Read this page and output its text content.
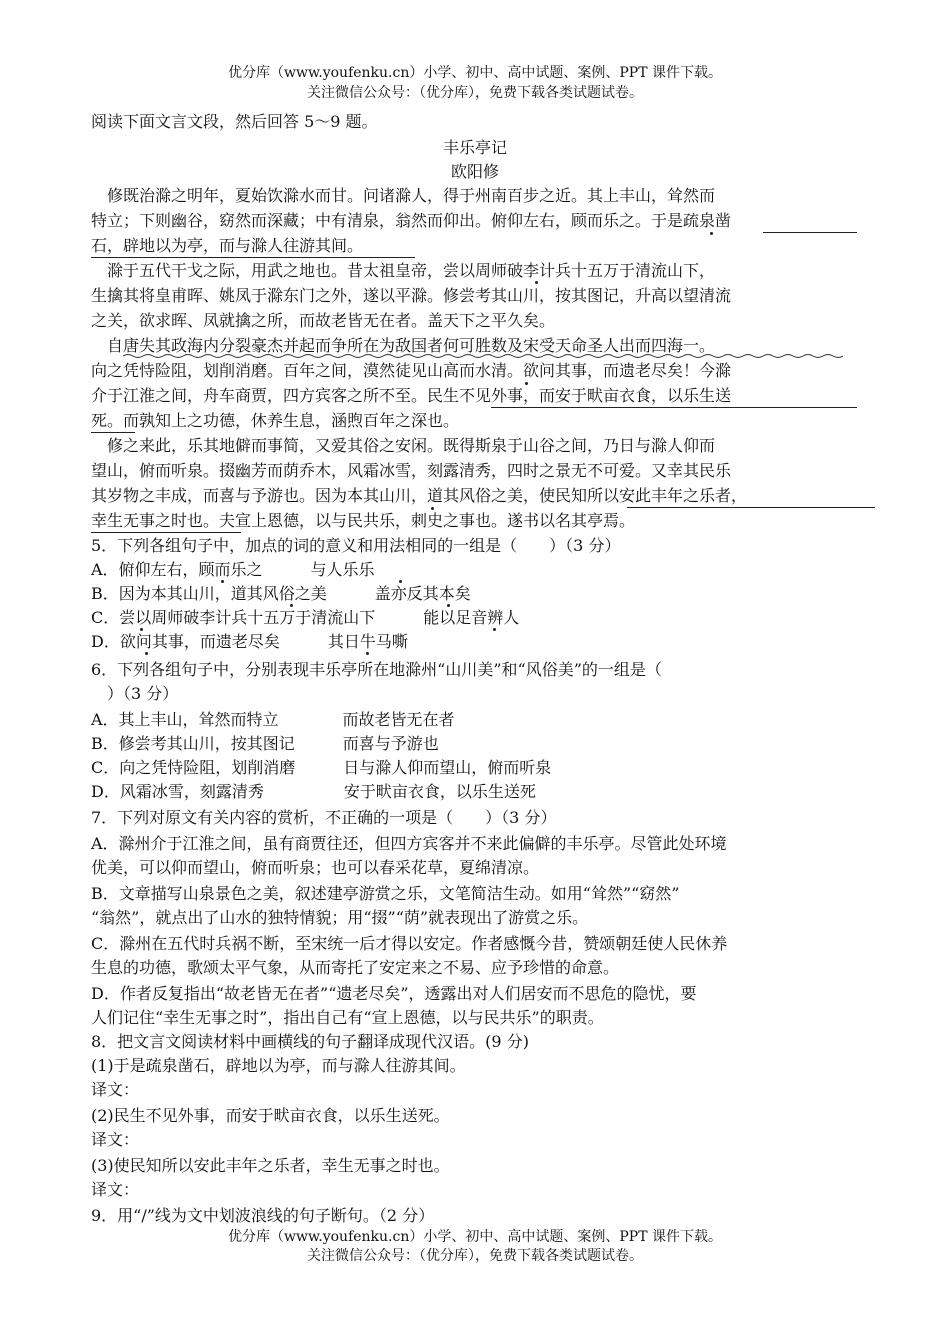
优分库（www.youfenku.cn）小学、初中、高中试题、案例、PPT 课件下载。
关注微信公众号：（优分库），免费下载各类试题试卷。
阅读下面文言文段，然后回答 5～9 题。
丰乐亭记
欧阳修
　修既治滁之明年，夏始饮滁水而甘。问诸滁人，得于州南百步之近。其上丰山，耸然而
特立；下则幽谷，窈然而深藏；中有清泉，翁然而仰出。俯仰左右，顾而乐之。于是疏泉凿
石，辟地以为亭，而与滁人往游其间。
　滁于五代干戈之际，用武之地也。昔太祖皇帝，尝以周师破李计兵十五万于清流山下，
生擒其将皇甫晖、姚凤于滁东门之外，遂以平滁。修尝考其山川，按其图记，升高以望清流
之关，欲求晖、凤就擒之所，而故老皆无在者。盖天下之平久矣。
　自唐失其政海内分裂豪杰并起而争所在为敌国者何可胜数及宋受天命圣人出而四海一。
向之凭恃险阻，划削消磨。百年之间，漠然徒见山高而水清。欲问其事，而遗老尽矣！今滁
介于江淮之间，舟车商贾，四方宾客之所不至。民生不见外事，而安于畎亩衣食，以乐生送
死。而孰知上之功德，休养生息，涵煦百年之深也。
　修之来此，乐其地僻而事简，又爱其俗之安闲。既得斯泉于山谷之间，乃日与滁人仰而
望山，俯而听泉。掇幽芳而荫乔木，风霜冰雪，刻露清秀，四时之景无不可爱。又幸其民乐
其岁物之丰成，而喜与予游也。因为本其山川，道其风俗之美，使民知所以安此丰年之乐者，
幸生无事之时也。夫宣上恩德，以与民共乐，刺史之事也。遂书以名其亭焉。
5．下列各组句子中，加点的词的意义和用法相同的一组是（　　）（3 分）
A．俯仰左右，顾而乐之　　　与人乐乐
B．因为本其山川，道其风俗之美　　　盖亦反其本矣
C．尝以周师破李计兵十五万于清流山下　　　能以足音辨人
D．欲问其事，而遗老尽矣　　　其日牛马嘶
6．下列各组句子中，分别表现丰乐亭所在地滁州“山川美”和“风俗美”的一组是（
　）（3 分）
A．其上丰山，耸然而特立　　　　而故老皆无在者
B．修尝考其山川，按其图记　　　而喜与予游也
C．向之凭恃险阻，划削消磨　　　日与滁人仰而望山，俯而听泉
D．风霜冰雪，刻露清秀　　　　　安于畎亩衣食，以乐生送死
7．下列对原文有关内容的赏析，不正确的一项是（　　）（3 分）
A．滁州介于江淮之间，虽有商贾往还，但四方宾客并不来此偏僻的丰乐亭。尽管此处环境
优美，可以仰而望山，俯而听泉；也可以春采花草，夏绵清凉。
B．文章描写山泉景色之美，叙述建亭游赏之乐，文笔简洁生动。如用“耸然”“窈然”
“翁然”，就点出了山水的独特情貌；用“掇”“荫”就表现出了游赏之乐。
C．滁州在五代时兵祸不断，至宋统一后才得以安定。作者感慨今昔，赞颂朝廷使人民休养
生息的功德，歌颂太平气象，从而寄托了安定来之不易、应予珍惜的命意。
D．作者反复指出“故老皆无在者”“遗老尽矣”，透露出对人们居安而不思危的隐忧，要
人们记住“幸生无事之时”，指出自己有“宣上恩德，以与民共乐”的职责。
8．把文言文阅读材料中画横线的句子翻译成现代汉语。(9 分)
(1)于是疏泉凿石，辟地以为亭，而与滁人往游其间。
译文：
(2)民生不见外事，而安于畎亩衣食，以乐生送死。
译文：
(3)使民知所以安此丰年之乐者，幸生无事之时也。
译文：
9．用“/”线为文中划波浪线的句子断句。（2 分）
优分库（www.youfenku.cn）小学、初中、高中试题、案例、PPT 课件下载。
关注微信公众号：（优分库），免费下载各类试题试卷。
